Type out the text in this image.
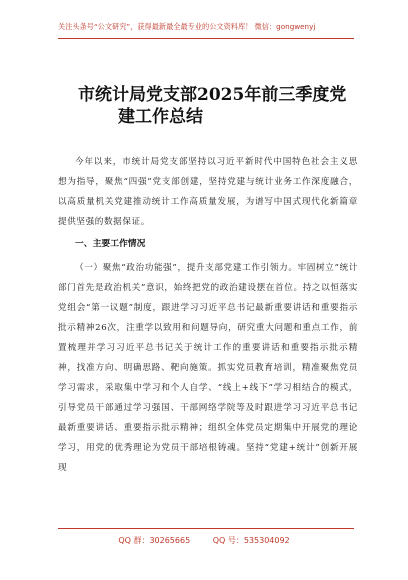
关注头条号“公文研究”，获得最新最全最专业的公文资料库！ 微信：gongwenyj
市统计局党支部2025年前三季度党
建工作总结
今年以来，市统计局党支部坚持以习近平新时代中国特色社会主义思想为指导，聚焦“四强”党支部创建，坚持党建与统计业务工作深度融合，以高质量机关党建推动统计工作高质量发展，为谱写中国式现代化新篇章提供坚强的数据保证。
一、主要工作情况
（一）聚焦“政治功能强”，提升支部党建工作引领力。牢固树立“统计部门首先是政治机关”意识，始终把党的政治建设摆在首位。持之以恒落实党组会“第一议题”制度，跟进学习习近平总书记最新重要讲话和重要指示批示精神26次，注重学以致用和问题导向，研究重大问题和重点工作，前置梳理并学习习近平总书记关于统计工作的重要讲话和重要指示批示精神，找准方向、明确思路、靶向施策。抓实党员教育培训，精准聚焦党员学习需求，采取集中学习和个人自学、“线上+线下”学习相结合的模式，引导党员干部通过学习强国、干部网络学院等及时跟进学习习近平总书记最新重要讲话、重要指示批示精神；组织全体党员定期集中开展党的理论学习，用党的优秀理论为党员干部培根铸魂。坚持“党建+统计”创新开展现
QQ 群：30265665	QQ 号：535304092
